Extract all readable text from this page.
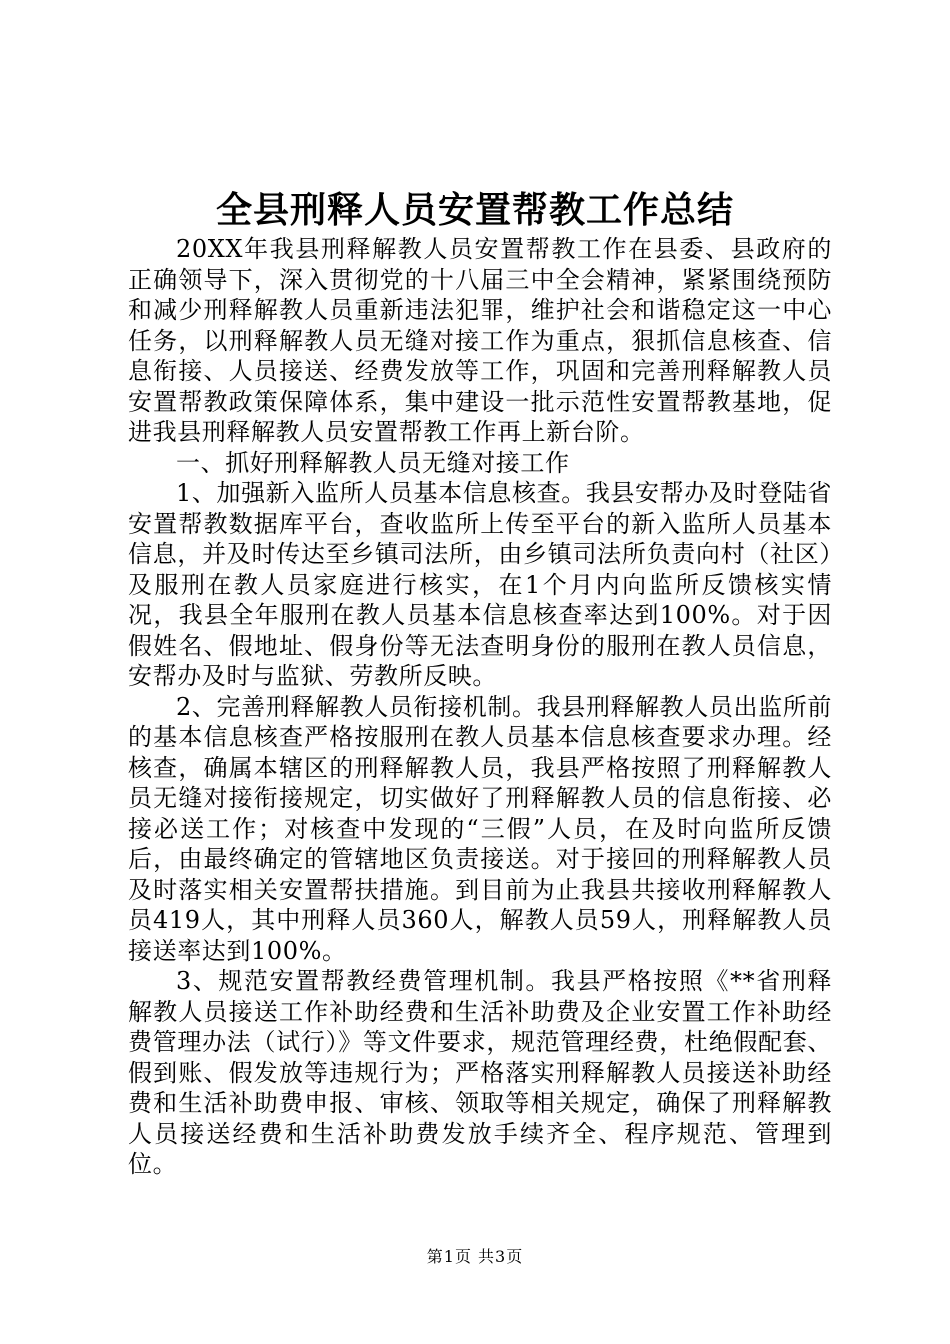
全县刑释人员安置帮教工作总结

20XX年我县刑释解教人员安置帮教工作在县委、县政府的正确领导下，深入贯彻党的十八届三中全会精神，紧紧围绕预防和减少刑释解教人员重新违法犯罪，维护社会和谐稳定这一中心任务，以刑释解教人员无缝对接工作为重点，狠抓信息核查、信息衔接、人员接送、经费发放等工作，巩固和完善刑释解教人员安置帮教政策保障体系，集中建设一批示范性安置帮教基地，促进我县刑释解教人员安置帮教工作再上新台阶。

一、抓好刑释解教人员无缝对接工作

1、加强新入监所人员基本信息核查。我县安帮办及时登陆省安置帮教数据库平台，查收监所上传至平台的新入监所人员基本信息，并及时传达至乡镇司法所，由乡镇司法所负责向村（社区）及服刑在教人员家庭进行核实，在1个月内向监所反馈核实情况，我县全年服刑在教人员基本信息核查率达到100%。对于因假姓名、假地址、假身份等无法查明身份的服刑在教人员信息，安帮办及时与监狱、劳教所反映。

2、完善刑释解教人员衔接机制。我县刑释解教人员出监所前的基本信息核查严格按服刑在教人员基本信息核查要求办理。经核查，确属本辖区的刑释解教人员，我县严格按照了刑释解教人员无缝对接衔接规定，切实做好了刑释解教人员的信息衔接、必接必送工作；对核查中发现的“三假”人员，在及时向监所反馈后，由最终确定的管辖地区负责接送。对于接回的刑释解教人员及时落实相关安置帮扶措施。到目前为止我县共接收刑释解教人员419人，其中刑释人员360人，解教人员59人，刑释解教人员接送率达到100%。

3、规范安置帮教经费管理机制。我县严格按照《**省刑释解教人员接送工作补助经费和生活补助费及企业安置工作补助经费管理办法（试行）》等文件要求，规范管理经费，杜绝假配套、假到账、假发放等违规行为；严格落实刑释解教人员接送补助经费和生活补助费申报、审核、领取等相关规定，确保了刑释解教人员接送经费和生活补助费发放手续齐全、程序规范、管理到位。

第1页 共3页
